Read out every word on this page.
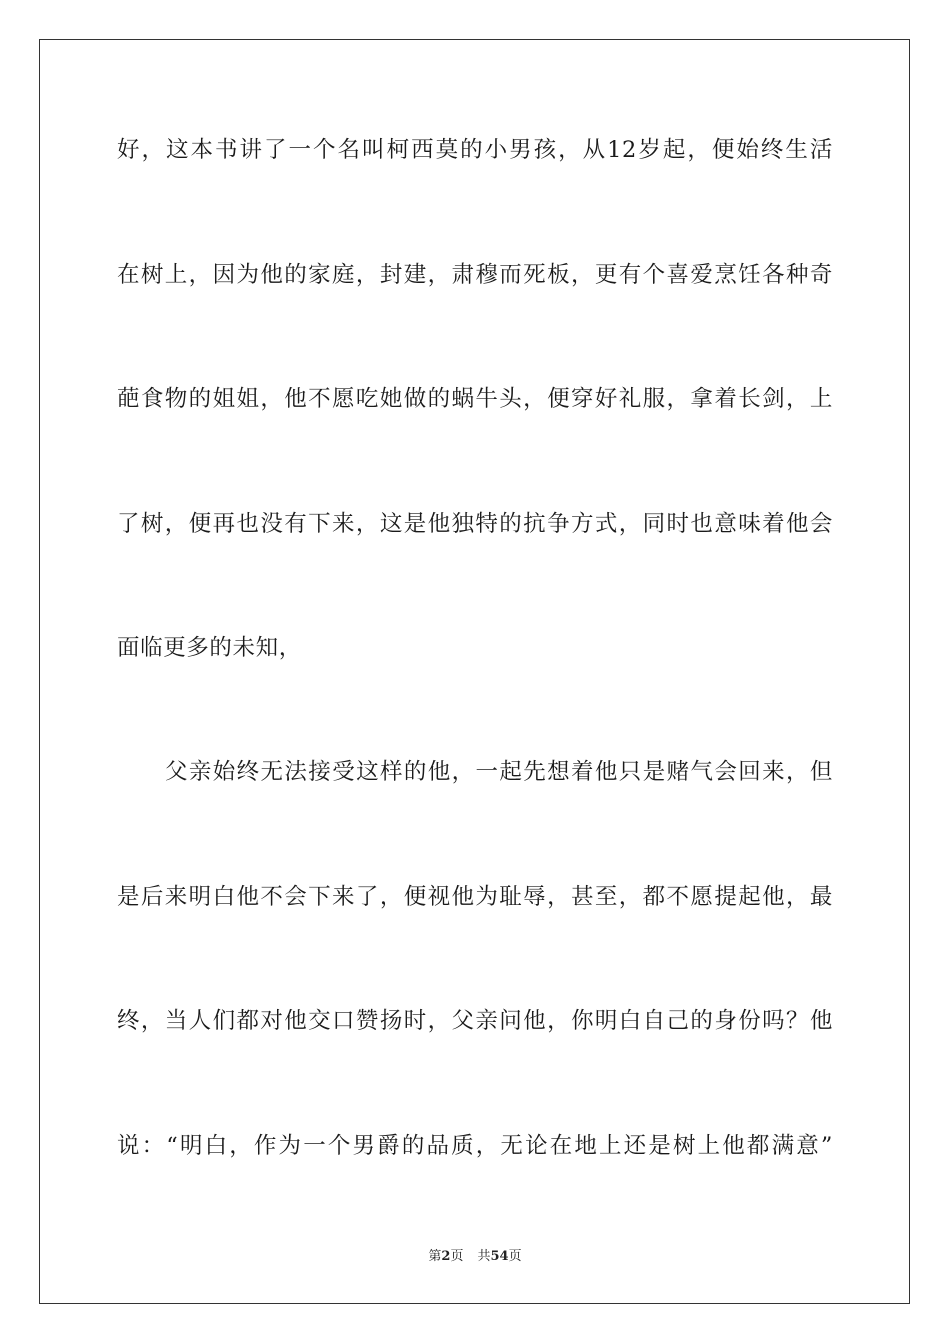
好，这本书讲了一个名叫柯西莫的小男孩，从12岁起，便始终生活
在树上，因为他的家庭，封建，肃穆而死板，更有个喜爱烹饪各种奇
葩食物的姐姐，他不愿吃她做的蜗牛头，便穿好礼服，拿着长剑，上
了树，便再也没有下来，这是他独特的抗争方式，同时也意味着他会
面临更多的未知，
父亲始终无法接受这样的他，一起先想着他只是赌气会回来，但
是后来明白他不会下来了，便视他为耻辱，甚至，都不愿提起他，最
终，当人们都对他交口赞扬时，父亲问他，你明白自己的身份吗？他
说：“明白，作为一个男爵的品质，无论在地上还是树上他都满意”
第2页 共54页
